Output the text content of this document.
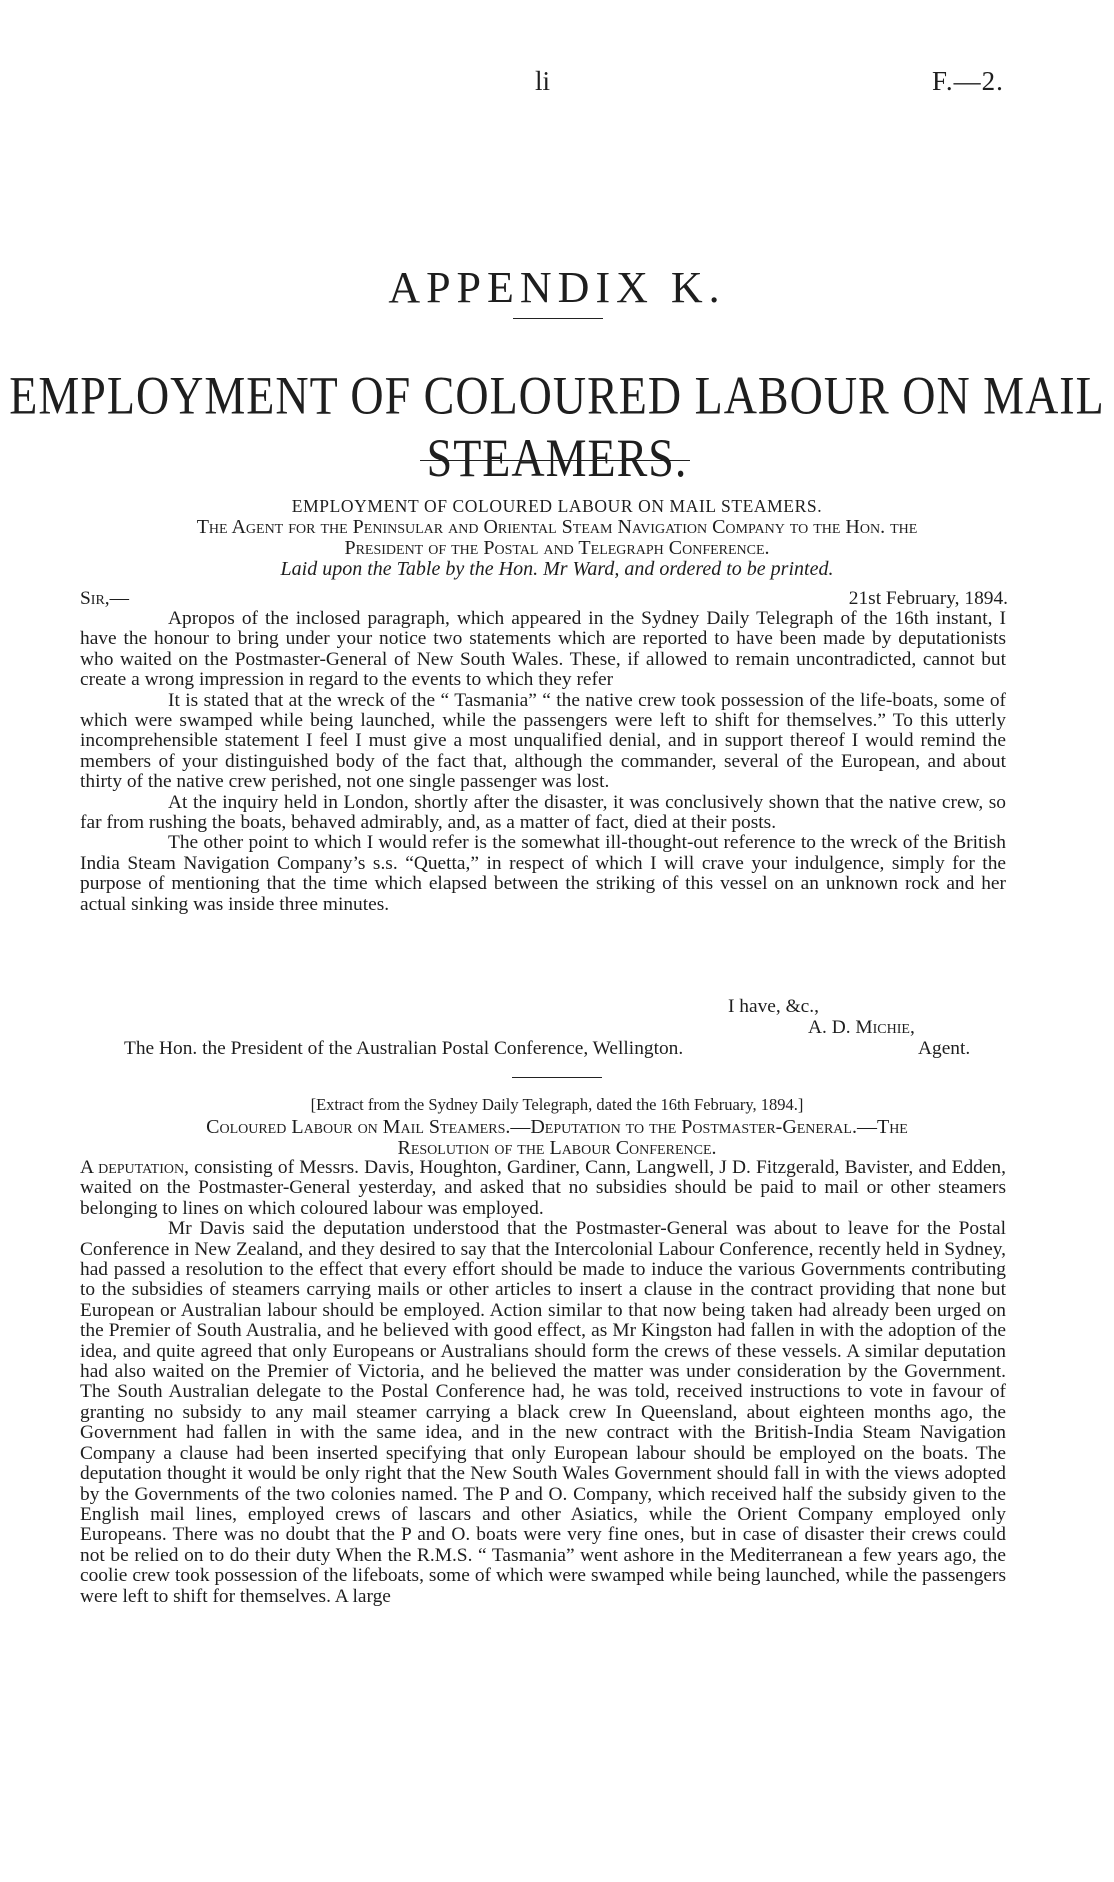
li	F.—2.
APPENDIX K.
EMPLOYMENT OF COLOURED LABOUR ON MAIL STEAMERS.
EMPLOYMENT OF COLOURED LABOUR ON MAIL STEAMERS.
The Agent for the Peninsular and Oriental Steam Navigation Company to the Hon. the
President of the Postal and Telegraph Conference.
Laid upon the Table by the Hon. Mr Ward, and ordered to be printed.
Sir,—	21st February, 1894.

Apropos of the inclosed paragraph, which appeared in the Sydney Daily Telegraph of the 16th instant, I have the honour to bring under your notice two statements which are reported to have been made by deputationists who waited on the Postmaster-General of New South Wales. These, if allowed to remain uncontradicted, cannot but create a wrong impression in regard to the events to which they refer

It is stated that at the wreck of the “ Tasmania” “ the native crew took possession of the life-boats, some of which were swamped while being launched, while the passengers were left to shift for themselves.” To this utterly incomprehensible statement I feel I must give a most unqualified denial, and in support thereof I would remind the members of your distinguished body of the fact that, although the commander, several of the European, and about thirty of the native crew perished, not one single passenger was lost.

At the inquiry held in London, shortly after the disaster, it was conclusively shown that the native crew, so far from rushing the boats, behaved admirably, and, as a matter of fact, died at their posts.

The other point to which I would refer is the somewhat ill-thought-out reference to the wreck of the British India Steam Navigation Company’s s.s. “Quetta,” in respect of which I will crave your indulgence, simply for the purpose of mentioning that the time which elapsed between the striking of this vessel on an unknown rock and her actual sinking was inside three minutes.

I have, &c.,
A. D. Michie,
The Hon. the President of the Australian Postal Conference, Wellington.	Agent.
[Extract from the Sydney Daily Telegraph, dated the 16th February, 1894.]
Coloured Labour on Mail Steamers.—Deputation to the Postmaster-General.—The
Resolution of the Labour Conference.

A deputation, consisting of Messrs. Davis, Houghton, Gardiner, Cann, Langwell, J D. Fitzgerald, Bavister, and Edden, waited on the Postmaster-General yesterday, and asked that no subsidies should be paid to mail or other steamers belonging to lines on which coloured labour was employed.

Mr Davis said the deputation understood that the Postmaster-General was about to leave for the Postal Conference in New Zealand, and they desired to say that the Intercolonial Labour Conference, recently held in Sydney, had passed a resolution to the effect that every effort should be made to induce the various Governments contributing to the subsidies of steamers carrying mails or other articles to insert a clause in the contract providing that none but European or Australian labour should be employed. Action similar to that now being taken had already been urged on the Premier of South Australia, and he believed with good effect, as Mr Kingston had fallen in with the adoption of the idea, and quite agreed that only Europeans or Australians should form the crews of these vessels. A similar deputation had also waited on the Premier of Victoria, and he believed the matter was under consideration by the Government. The South Australian delegate to the Postal Conference had, he was told, received instructions to vote in favour of granting no subsidy to any mail steamer carrying a black crew In Queensland, about eighteen months ago, the Government had fallen in with the same idea, and in the new contract with the British-India Steam Navigation Company a clause had been inserted specifying that only European labour should be employed on the boats. The deputation thought it would be only right that the New South Wales Government should fall in with the views adopted by the Governments of the two colonies named. The P and O. Company, which received half the subsidy given to the English mail lines, employed crews of lascars and other Asiatics, while the Orient Company employed only Europeans. There was no doubt that the P and O. boats were very fine ones, but in case of disaster their crews could not be relied on to do their duty When the R.M.S. “ Tasmania” went ashore in the Mediterranean a few years ago, the coolie crew took possession of the lifeboats, some of which were swamped while being launched, while the passengers were left to shift for themselves. A large
